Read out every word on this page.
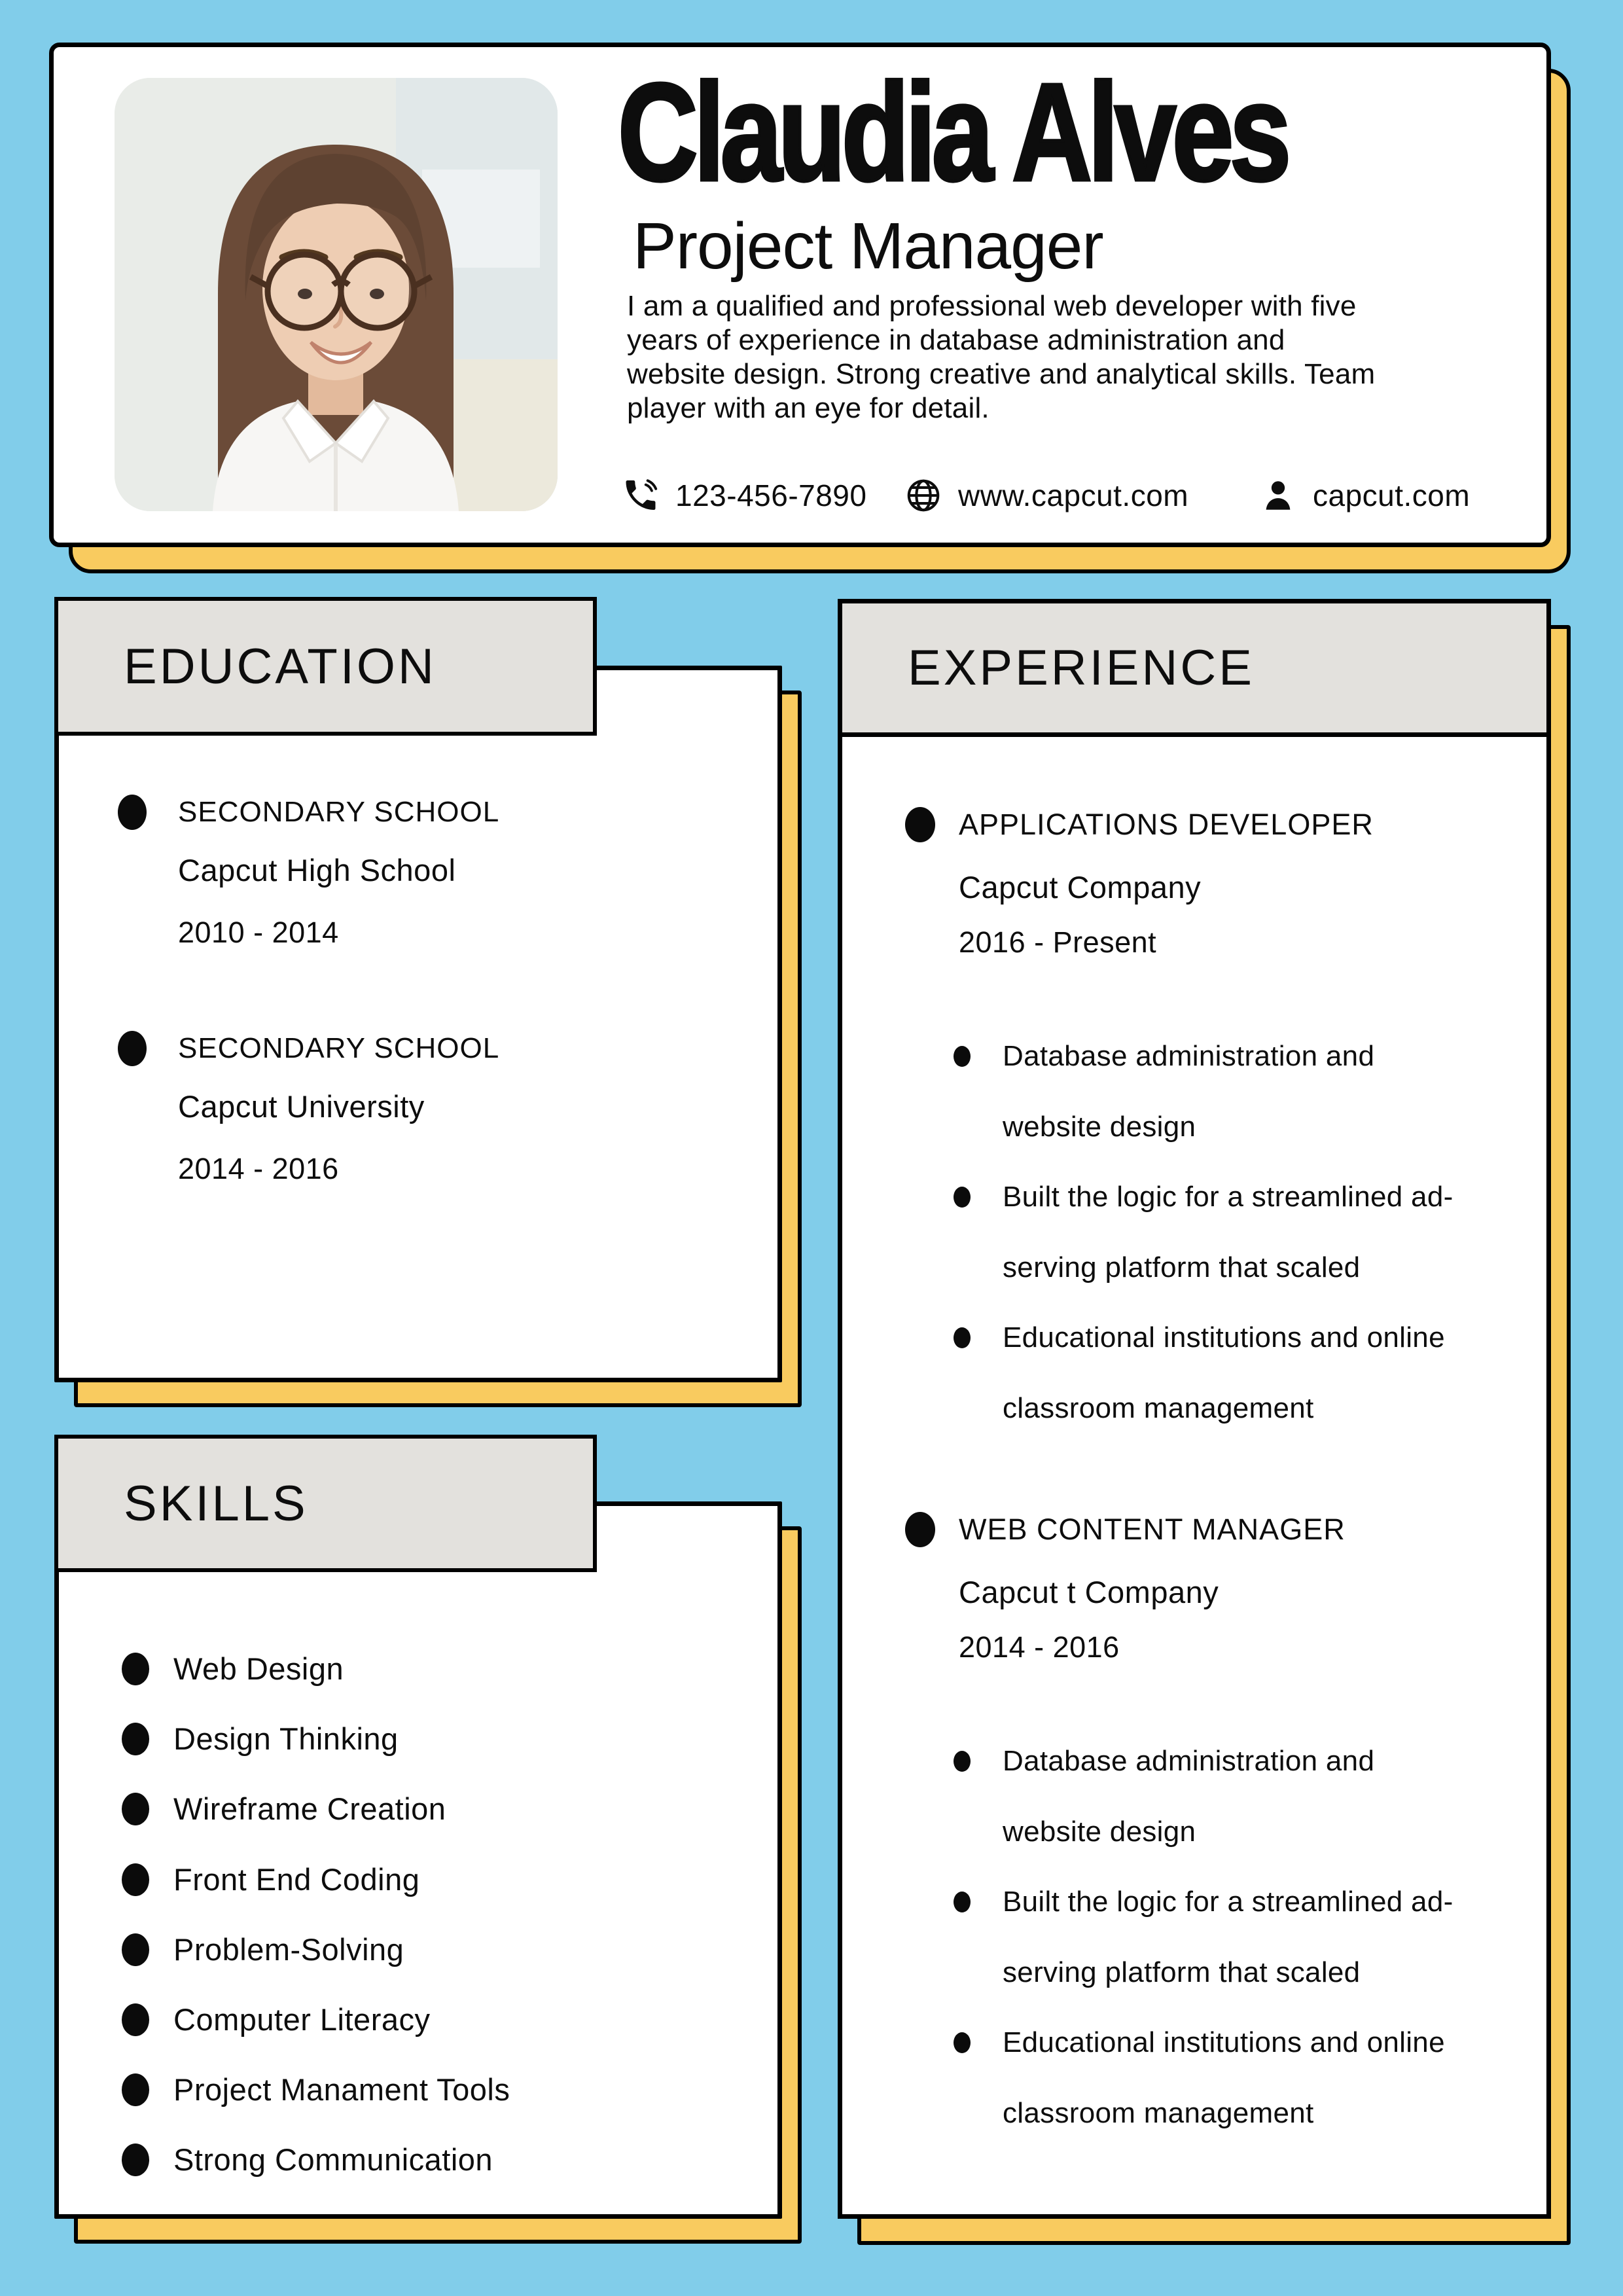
Claudia Alves
Project Manager
I am a qualified and professional web developer with five
years of experience in database administration and
website design. Strong creative and analytical skills. Team
player with an eye for detail.
123-456-7890	www.capcut.com	capcut.com
EDUCATION
SECONDARY SCHOOL
Capcut High School
2010 - 2014
SECONDARY SCHOOL
Capcut University
2014 - 2016
SKILLS
Web Design
Design Thinking
Wireframe Creation
Front End Coding
Problem-Solving
Computer Literacy
Project Manament Tools
Strong Communication
EXPERIENCE
APPLICATIONS DEVELOPER
Capcut Company
2016 - Present
Database administration and
website design
Built the logic for a streamlined ad-
serving platform that scaled
Educational institutions and online
classroom management
WEB CONTENT MANAGER
Capcut t Company
2014 - 2016
Database administration and
website design
Built the logic for a streamlined ad-
serving platform that scaled
Educational institutions and online
classroom management
